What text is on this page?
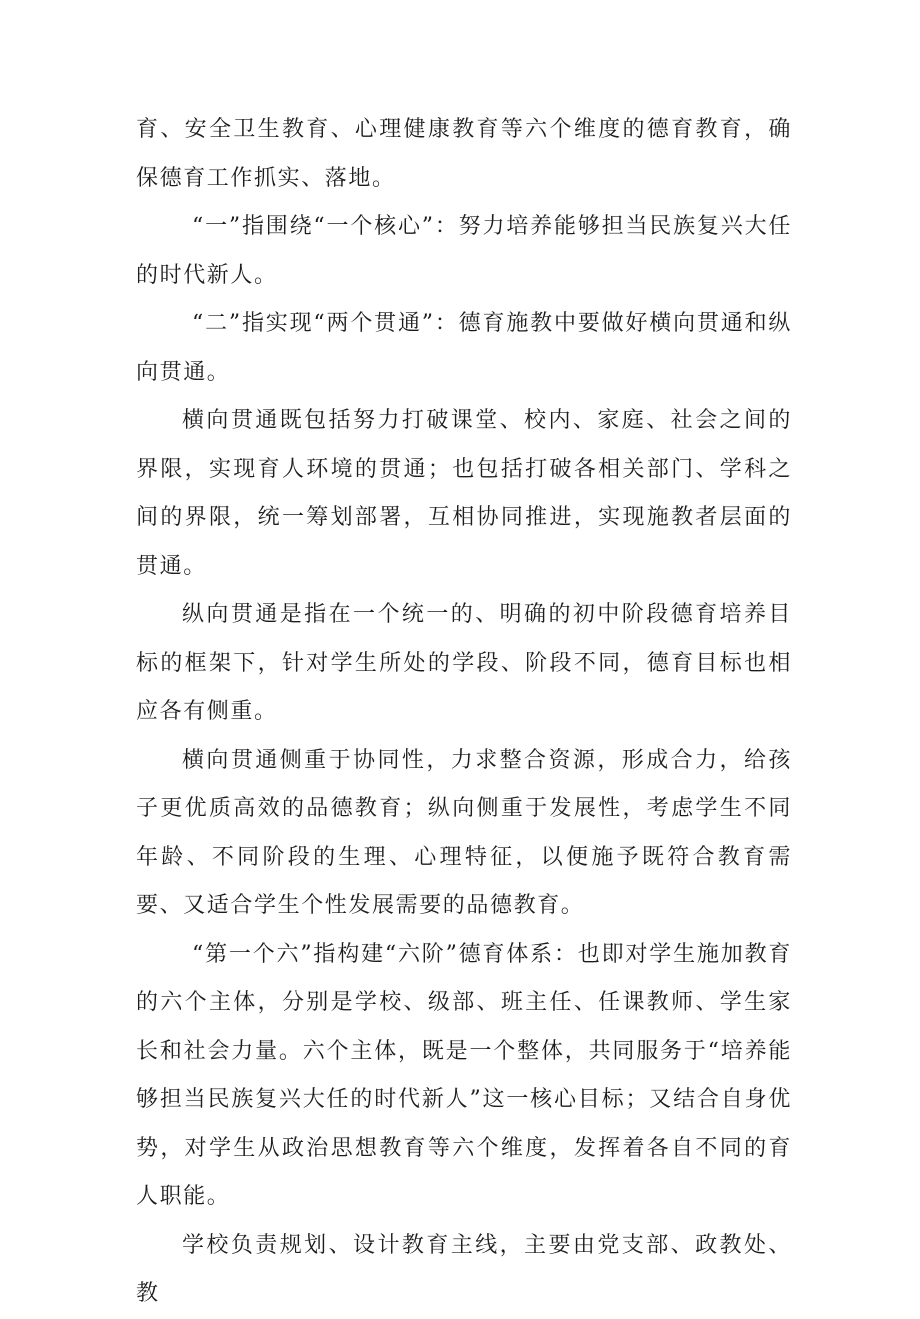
育、安全卫生教育、心理健康教育等六个维度的德育教育，确保德育工作抓实、落地。

“一”指围绕“一个核心”：努力培养能够担当民族复兴大任的时代新人。

“二”指实现“两个贯通”：德育施教中要做好横向贯通和纵向贯通。

横向贯通既包括努力打破课堂、校内、家庭、社会之间的界限，实现育人环境的贯通；也包括打破各相关部门、学科之间的界限，统一筹划部署，互相协同推进，实现施教者层面的贯通。

纵向贯通是指在一个统一的、明确的初中阶段德育培养目标的框架下，针对学生所处的学段、阶段不同，德育目标也相应各有侧重。

横向贯通侧重于协同性，力求整合资源，形成合力，给孩子更优质高效的品德教育；纵向侧重于发展性，考虑学生不同年龄、不同阶段的生理、心理特征，以便施予既符合教育需要、又适合学生个性发展需要的品德教育。

“第一个六”指构建“六阶”德育体系：也即对学生施加教育的六个主体，分别是学校、级部、班主任、任课教师、学生家长和社会力量。六个主体，既是一个整体，共同服务于“培养能够担当民族复兴大任的时代新人”这一核心目标；又结合自身优势，对学生从政治思想教育等六个维度，发挥着各自不同的育人职能。

学校负责规划、设计教育主线，主要由党支部、政教处、教
